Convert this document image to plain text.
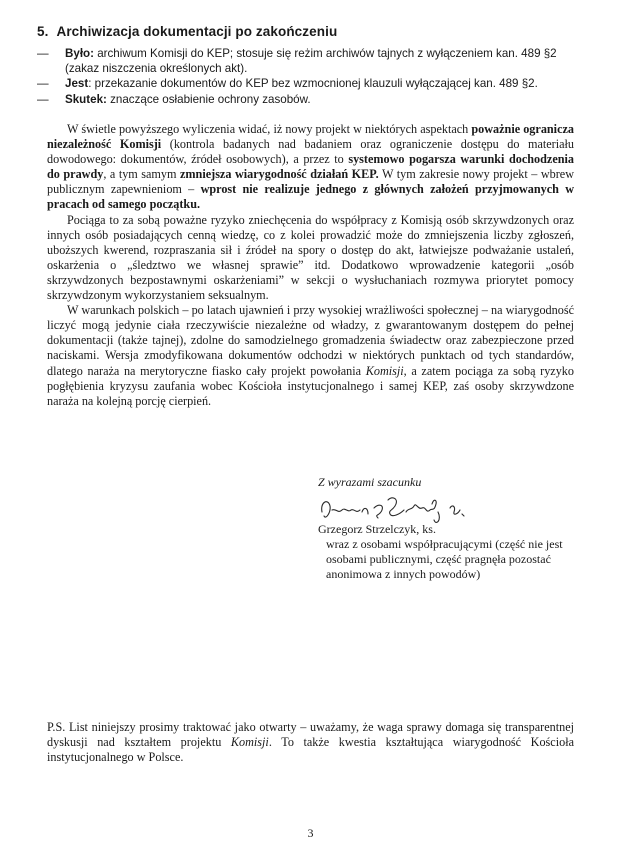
5. Archiwizacja dokumentacji po zakończeniu
— Było: archiwum Komisji do KEP; stosuje się reżim archiwów tajnych z wyłączeniem kan. 489 §2 (zakaz niszczenia określonych akt).
— Jest: przekazanie dokumentów do KEP bez wzmocnionej klauzuli wyłączającej kan. 489 §2.
— Skutek: znaczące osłabienie ochrony zasobów.

W świetle powyższego wyliczenia widać, iż nowy projekt w niektórych aspektach poważnie ogranicza niezależność Komisji (kontrola badanych nad badaniem oraz ograniczenie dostępu do materiału dowodowego: dokumentów, źródeł osobowych), a przez to systemowo pogarsza warunki dochodzenia do prawdy, a tym samym zmniejsza wiarygodność działań KEP. W tym zakresie nowy projekt – wbrew publicznym zapewnieniom – wprost nie realizuje jednego z głównych założeń przyjmowanych w pracach od samego początku.

Pociąga to za sobą poważne ryzyko zniechęcenia do współpracy z Komisją osób skrzywdzonych oraz innych osób posiadających cenną wiedzę, co z kolei prowadzić może do zmniejszenia liczby zgłoszeń, uboższych kwerend, rozpraszania sił i źródeł na spory o dostęp do akt, łatwiejsze podważanie ustaleń, oskarżenia o „śledztwo we własnej sprawie” itd. Dodatkowo wprowadzenie kategorii „osób skrzywdzonych bezpostawnymi oskarżeniami” w sekcji o wysłuchaniach rozmywa priorytet pomocy skrzywdzonym wykorzystaniem seksualnym.

W warunkach polskich – po latach ujawnień i przy wysokiej wrażliwości społecznej – na wiarygodność liczyć mogą jedynie ciała rzeczywiście niezależne od władzy, z gwarantowanym dostępem do pełnej dokumentacji (także tajnej), zdolne do samodzielnego gromadzenia świadectw oraz zabezpieczone przed naciskami. Wersja zmodyfikowana dokumentów odchodzi w niektórych punktach od tych standardów, dlatego naraża na merytoryczne fiasko cały projekt powołania Komisji, a zatem pociąga za sobą ryzyko pogłębienia kryzysu zaufania wobec Kościoła instytucjonalnego i samej KEP, zaś osoby skrzywdzone naraża na kolejną porcję cierpień.

Z wyrazami szacunku
Grzegorz Strzelczyk, ks.
wraz z osobami współpracującymi (część nie jest osobami publicznymi, część pragnęła pozostać anonimowa z innych powodów)
P.S. List niniejszy prosimy traktować jako otwarty – uważamy, że waga sprawy domaga się transparentnej dyskusji nad kształtem projektu Komisji. To także kwestia kształtująca wiarygodność Kościoła instytucjonalnego w Polsce.
3
